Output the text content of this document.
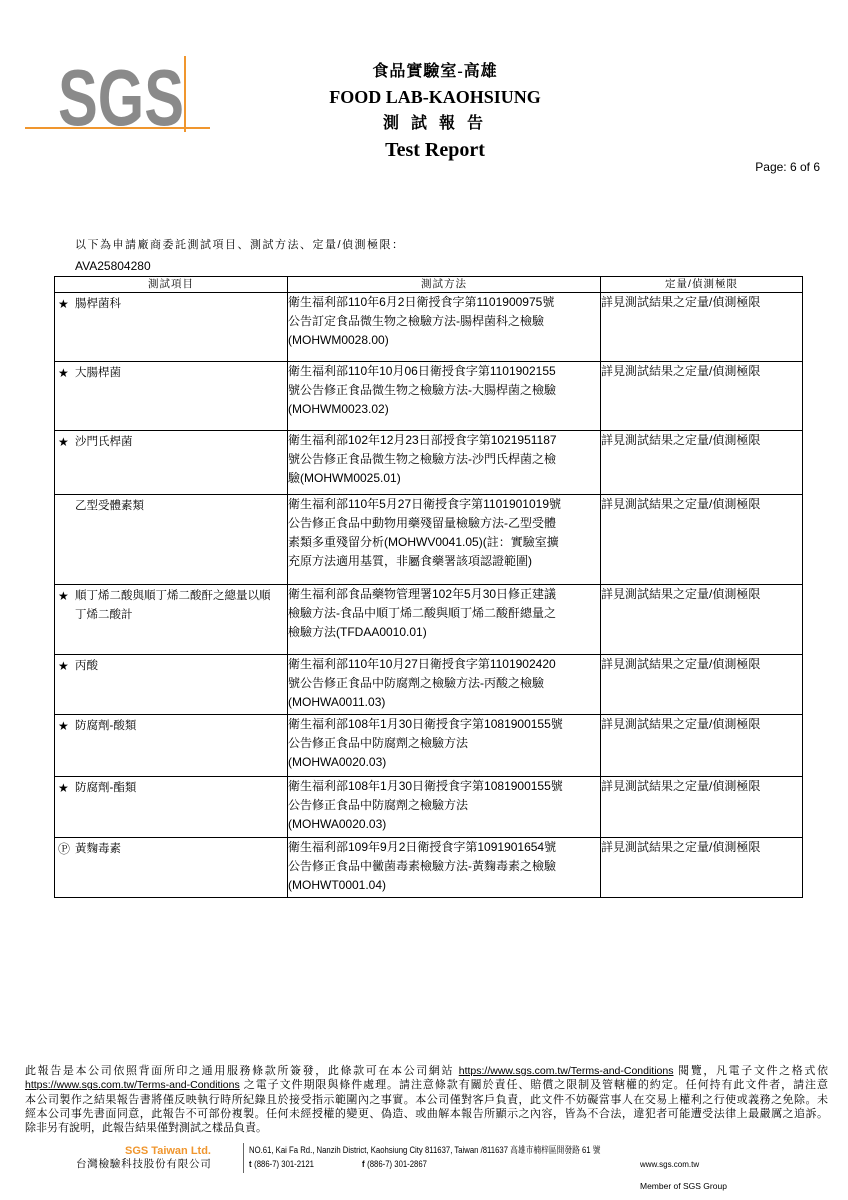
SGS	食品實驗室-高雄
FOOD LAB-KAOHSIUNG
測 試 報 告
Test Report
Page: 6 of 6
以下為申請廠商委託測試項目、測試方法、定量/偵測極限：
AVA25804280
測試項目	測試方法	定量/偵測極限

★ 腸桿菌科	衛生福利部110年6月2日衛授食字第1101900975號
公告訂定食品微生物之檢驗方法-腸桿菌科之檢驗
(MOHWM0028.00)	詳見測試結果之定量/偵測極限

★ 大腸桿菌	衛生福利部110年10月06日衛授食字第1101902155
號公告修正食品微生物之檢驗方法-大腸桿菌之檢驗
(MOHWM0023.02)	詳見測試結果之定量/偵測極限

★ 沙門氏桿菌	衛生福利部102年12月23日部授食字第1021951187
號公告修正食品微生物之檢驗方法-沙門氏桿菌之檢
驗(MOHWM0025.01)	詳見測試結果之定量/偵測極限

乙型受體素類	衛生福利部110年5月27日衛授食字第1101901019號
公告修正食品中動物用藥殘留量檢驗方法-乙型受體
素類多重殘留分析(MOHWV0041.05)(註：實驗室擴
充原方法適用基質，非屬食藥署該項認證範圍)	詳見測試結果之定量/偵測極限

★ 順丁烯二酸與順丁烯二酸酐之總量以順
丁烯二酸計	衛生福利部食品藥物管理署102年5月30日修正建議
檢驗方法-食品中順丁烯二酸與順丁烯二酸酐總量之
檢驗方法(TFDAA0010.01)	詳見測試結果之定量/偵測極限

★ 丙酸	衛生福利部110年10月27日衛授食字第1101902420
號公告修正食品中防腐劑之檢驗方法-丙酸之檢驗
(MOHWA0011.03)	詳見測試結果之定量/偵測極限

★ 防腐劑-酸類	衛生福利部108年1月30日衛授食字第1081900155號
公告修正食品中防腐劑之檢驗方法
(MOHWA0020.03)	詳見測試結果之定量/偵測極限

★ 防腐劑-酯類	衛生福利部108年1月30日衛授食字第1081900155號
公告修正食品中防腐劑之檢驗方法
(MOHWA0020.03)	詳見測試結果之定量/偵測極限

Ⓟ 黃麴毒素	衛生福利部109年9月2日衛授食字第1091901654號
公告修正食品中黴菌毒素檢驗方法-黃麴毒素之檢驗
(MOHWT0001.04)	詳見測試結果之定量/偵測極限
此報告是本公司依照背面所印之通用服務條款所簽發，此條款可在本公司網站 https://www.sgs.com.tw/Terms-and-Conditions 閱覽，凡電子文件之格式依
https://www.sgs.com.tw/Terms-and-Conditions 之電子文件期限與條件處理。請注意條款有關於責任、賠償之限制及管轄權的約定。任何持有此文件者，請注意
本公司製作之結果報告書將僅反映執行時所紀錄且於接受指示範圍內之事實。本公司僅對客戶負責，此文件不妨礙當事人在交易上權利之行使或義務之免除。未
經本公司事先書面同意，此報告不可部份複製。任何未經授權的變更、偽造、或曲解本報告所顯示之內容，皆為不合法，違犯者可能遭受法律上最嚴厲之追訴。
除非另有說明，此報告結果僅對測試之樣品負責。
SGS Taiwan Ltd.
台灣檢驗科技股份有限公司
NO.61, Kai Fa Rd., Nanzih District, Kaohsiung City 811637, Taiwan /811637 高雄市楠梓區開發路 61 號
t (886-7) 301-2121	f (886-7) 301-2867	www.sgs.com.tw
Member of SGS Group
